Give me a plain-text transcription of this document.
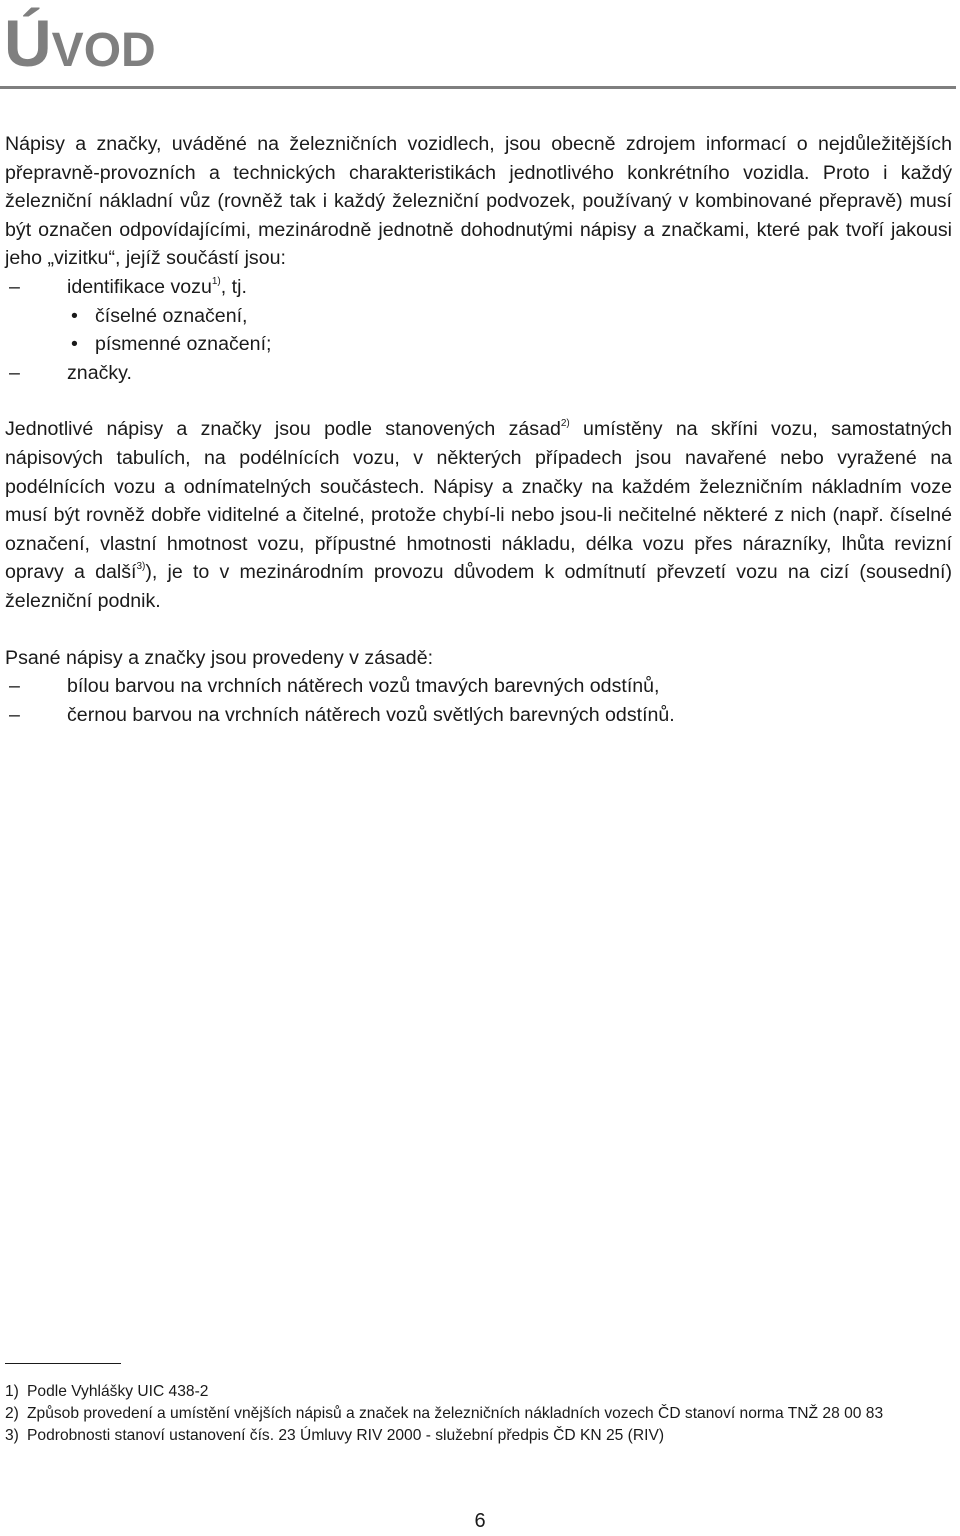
ÚVOD

Nápisy a značky, uváděné na železničních vozidlech, jsou obecně zdrojem informací o nejdůležitějších přepravně-provozních a technických charakteristikách jednotlivého konkrétního vozidla. Proto i každý železniční nákladní vůz (rovněž tak i každý železniční podvozek, používaný v kombinované přepravě) musí být označen odpovídajícími, mezinárodně jednotně dohodnutými nápisy a značkami, které pak tvoří jakousi jeho „vizitku“, jejíž součástí jsou:

–	identifikace vozu$^{1)}$, tj.
• číselné označení,
• písmenné označení;
–	značky.

Jednotlivé nápisy a značky jsou podle stanovených zásad$^{2)}$ umístěny na skříni vozu, samostatných nápisových tabulích, na podélnících vozu, v některých případech jsou navařené nebo vyražené na podélnících vozu a odnímatelných součástech. Nápisy a značky na každém železničním nákladním voze musí být rovněž dobře viditelné a čitelné, protože chybí-li nebo jsou-li nečitelné některé z nich (např. číselné označení, vlastní hmotnost vozu, přípustné hmotnosti nákladu, délka vozu přes nárazníky, lhůta revizní opravy a další$^{3)}$), je to v mezinárodním provozu důvodem k odmítnutí převzetí vozu na cizí (sousední) železniční podnik.

Psané nápisy a značky jsou provedeny v zásadě:

–	bílou barvou na vrchních nátěrech vozů tmavých barevných odstínů,
–	černou barvou na vrchních nátěrech vozů světlých barevných odstínů.
1) Podle Vyhlášky UIC 438-2
2) Způsob provedení a umístění vnějších nápisů a značek na železničních nákladních vozech ČD stanoví norma TNŽ 28 00 83
3) Podrobnosti stanoví ustanovení čís. 23 Úmluvy RIV 2000 - služební předpis ČD KN 25 (RIV)
6
